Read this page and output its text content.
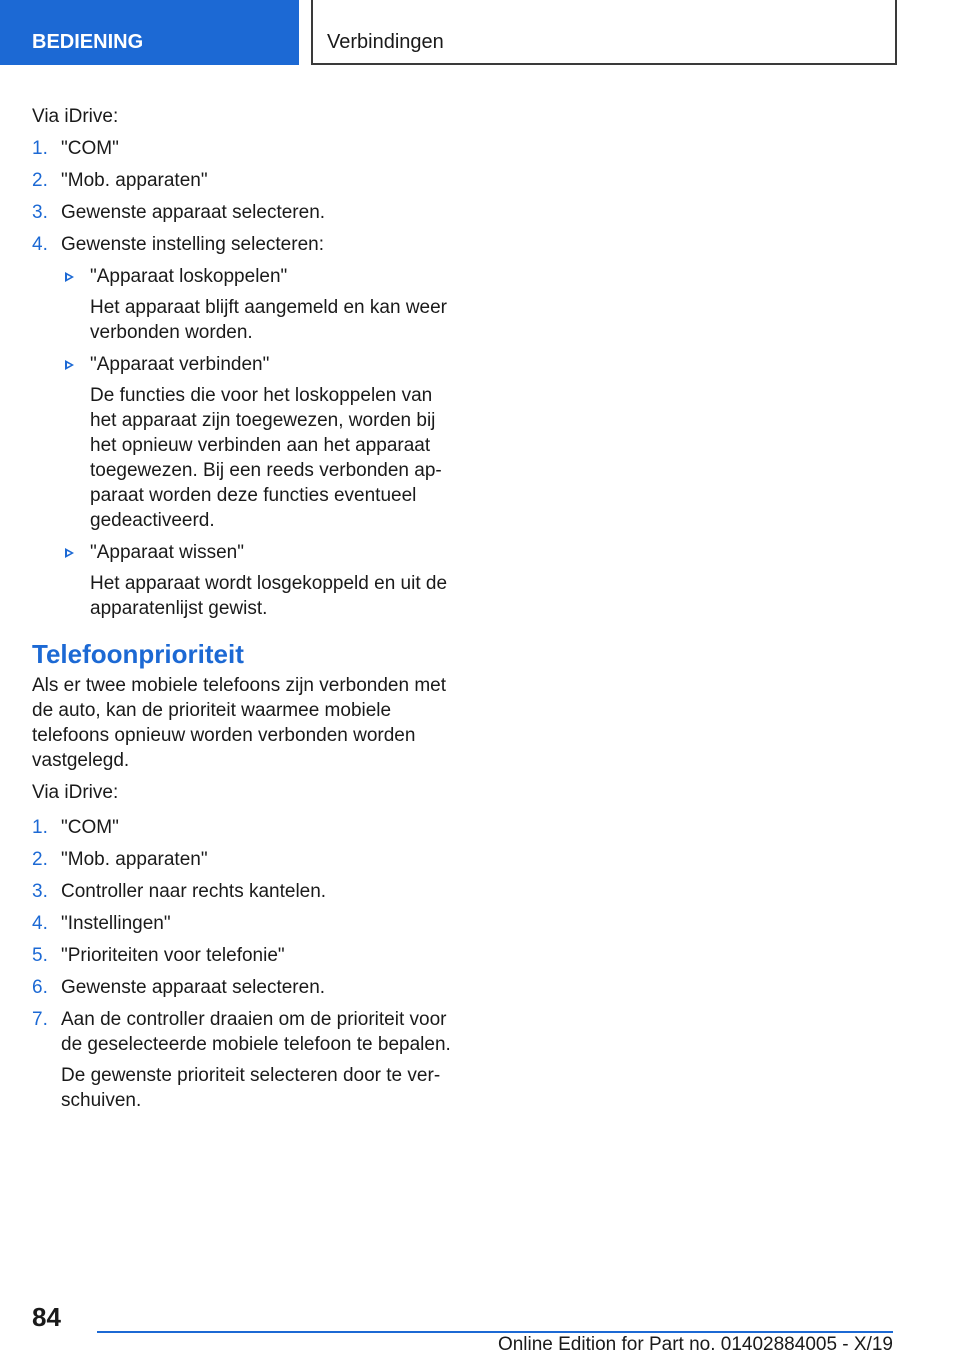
BEDIENING	Verbindingen

Via iDrive:

1. "COM"
2. "Mob. apparaten"
3. Gewenste apparaat selecteren.
4. Gewenste instelling selecteren:
"Apparaat loskoppelen"
Het apparaat blijft aangemeld en kan weer verbonden worden.
"Apparaat verbinden"
De functies die voor het loskoppelen van het apparaat zijn toegewezen, worden bij het opnieuw verbinden aan het apparaat toegewezen. Bij een reeds verbonden apparaat worden deze functies eventueel gedeactiveerd.
"Apparaat wissen"
Het apparaat wordt losgekoppeld en uit de apparatenlijst gewist.
Telefoonprioriteit

Als er twee mobiele telefoons zijn verbonden met de auto, kan de prioriteit waarmee mobiele telefoons opnieuw worden verbonden worden vastgelegd.

Via iDrive:

1. "COM"
2. "Mob. apparaten"
3. Controller naar rechts kantelen.
4. "Instellingen"
5. "Prioriteiten voor telefonie"
6. Gewenste apparaat selecteren.
7. Aan de controller draaien om de prioriteit voor de geselecteerde mobiele telefoon te bepalen.
De gewenste prioriteit selecteren door te verschuiven.
84
Online Edition for Part no. 01402884005 - X/19
